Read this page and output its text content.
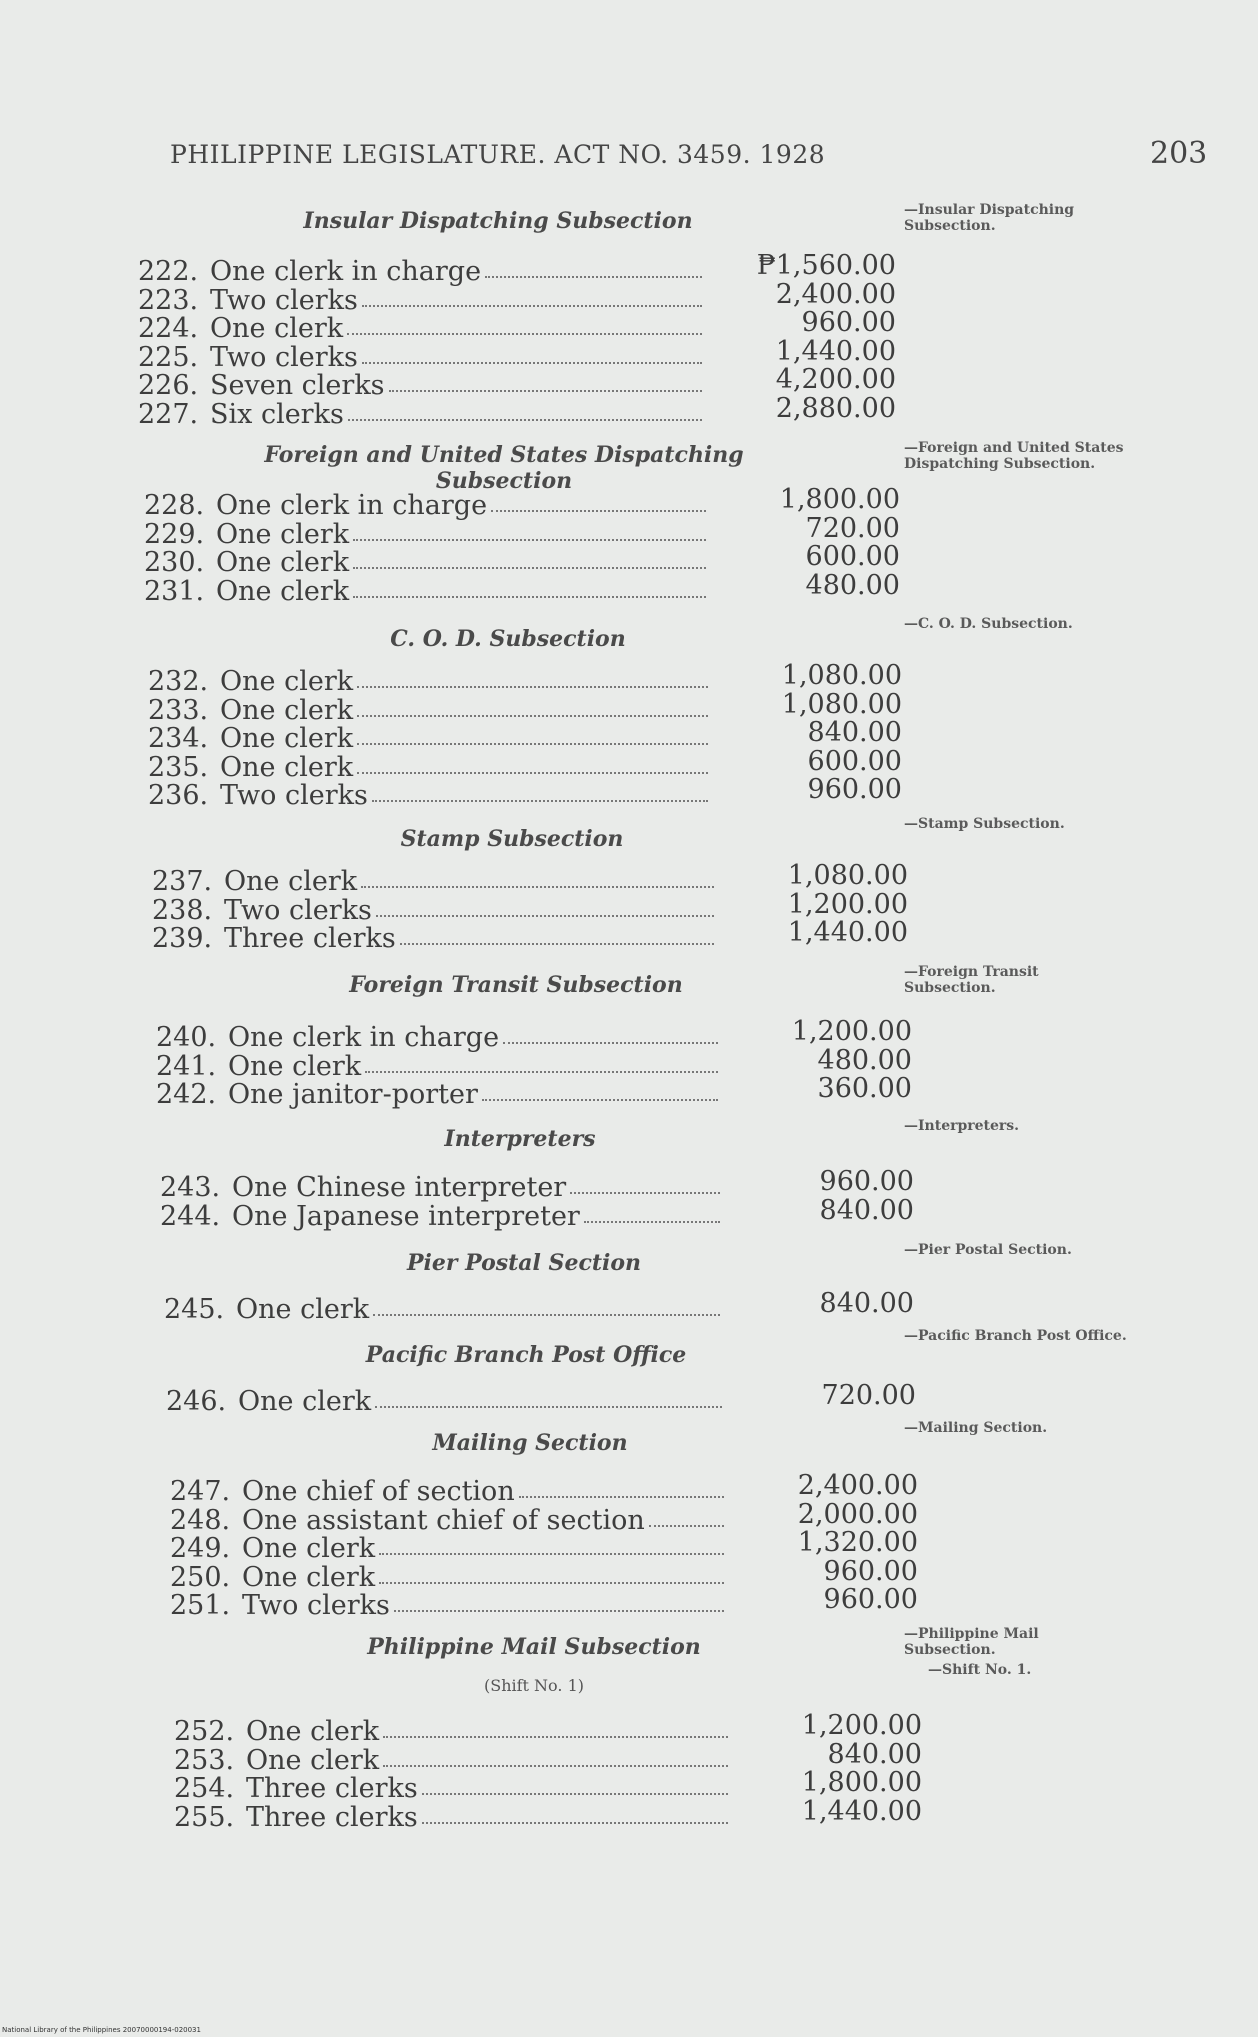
PHILIPPINE LEGISLATURE. ACT NO. 3459. 1928	203
National Library of the Philippines 20070000194-020031
Insular Dispatching Subsection	—Insular Dispatching Subsection.
222. One clerk in charge	₱1,560.00
223. Two clerks	2,400.00
224. One clerk	960.00
225. Two clerks	1,440.00
226. Seven clerks	4,200.00
227. Six clerks	2,880.00
Foreign and United States Dispatching Subsection
—Foreign and United States Dispatching Subsection.
228. One clerk in charge	1,800.00
229. One clerk	720.00
230. One clerk	600.00
231. One clerk	480.00
C. O. D. Subsection
—C. O. D. Subsection.
232. One clerk	1,080.00
233. One clerk	1,080.00
234. One clerk	840.00
235. One clerk	600.00
236. Two clerks	960.00
Stamp Subsection
—Stamp Subsection.
237. One clerk	1,080.00
238. Two clerks	1,200.00
239. Three clerks	1,440.00
Foreign Transit Subsection	—Foreign Transit Subsection.
240. One clerk in charge	1,200.00
241. One clerk	480.00
242. One janitor-porter	360.00
Interpreters	—Interpreters.
243. One Chinese interpreter	960.00
244. One Japanese interpreter	840.00
Pier Postal Section	—Pier Postal Section.
245. One clerk	840.00
Pacific Branch Post Office
—Pacific Branch Post Office.
246. One clerk	720.00
Mailing Section
—Mailing Section.
247. One chief of section	2,400.00
248. One assistant chief of section	2,000.00
249. One clerk	1,320.00
250. One clerk	960.00
251. Two clerks	960.00
Philippine Mail Subsection
(Shift No. 1)
—Philippine Mail Subsection.
—Shift No. 1.
252. One clerk	1,200.00
253. One clerk	840.00
254. Three clerks	1,800.00
255. Three clerks	1,440.00
